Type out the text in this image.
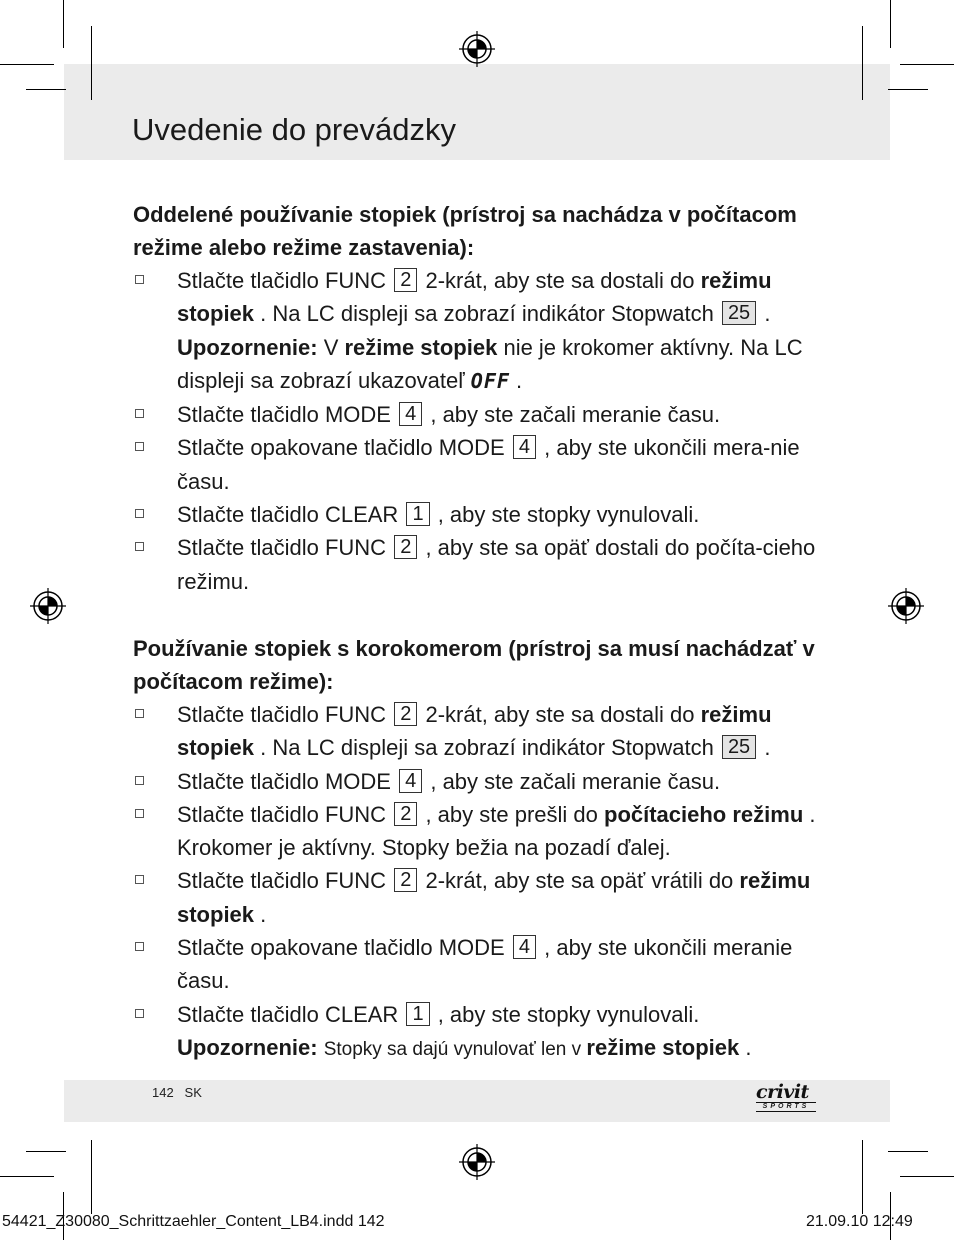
Uvedenie do prevádzky
Oddelené používanie stopiek (prístroj sa nachádza v počítacom režime alebo režime zastavenia):
Stlačte tlačidlo FUNC 2 2-krát, aby ste sa dostali do režimu stopiek . Na LC displeji sa zobrazí indikátor Stopwatch 25 . Upozornenie: V režime stopiek nie je krokomer aktívny. Na LC displeji sa zobrazí ukazovateľ OFF .
Stlačte tlačidlo MODE 4 , aby ste začali meranie času.
Stlačte opakovane tlačidlo MODE 4 , aby ste ukončili mera-nie času.
Stlačte tlačidlo CLEAR 1 , aby ste stopky vynulovali.
Stlačte tlačidlo FUNC 2 , aby ste sa opäť dostali do počíta-cieho režimu.
Používanie stopiek s korokomerom (prístroj sa musí nachádzať v počítacom režime):
Stlačte tlačidlo FUNC 2 2-krát, aby ste sa dostali do režimu stopiek . Na LC displeji sa zobrazí indikátor Stopwatch 25 .
Stlačte tlačidlo MODE 4 , aby ste začali meranie času.
Stlačte tlačidlo FUNC 2 , aby ste prešli do počítacieho režimu . Krokomer je aktívny. Stopky bežia na pozadí ďalej.
Stlačte tlačidlo FUNC 2 2-krát, aby ste sa opäť vrátili do režimu stopiek .
Stlačte opakovane tlačidlo MODE 4 , aby ste ukončili meranie času.
Stlačte tlačidlo CLEAR 1 , aby ste stopky vynulovali. Upozornenie: Stopky sa dajú vynulovať len v režime stopiek .
142 SK	crivit
SPORTS
54421_Z30080_Schrittzaehler_Content_LB4.indd 142	21.09.10 12:49
